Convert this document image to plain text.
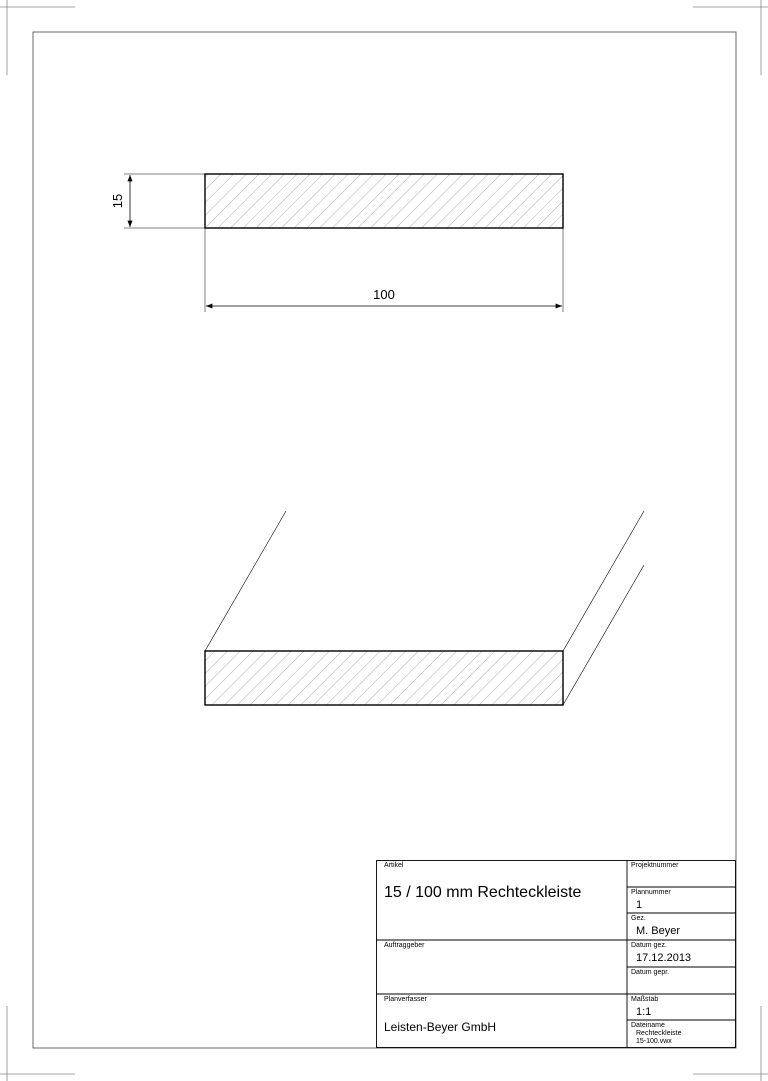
15
100
Artikel
15 / 100 mm Rechteckleiste
Auftraggeber
Planverfasser
Leisten-Beyer GmbH
Projektnummer
Plannummer
1
Gez.
M. Beyer
Datum gez.
17.12.2013
Datum gepr.
Maßstab
1:1
Dateiname
Rechteckleiste
15-100.vwx
